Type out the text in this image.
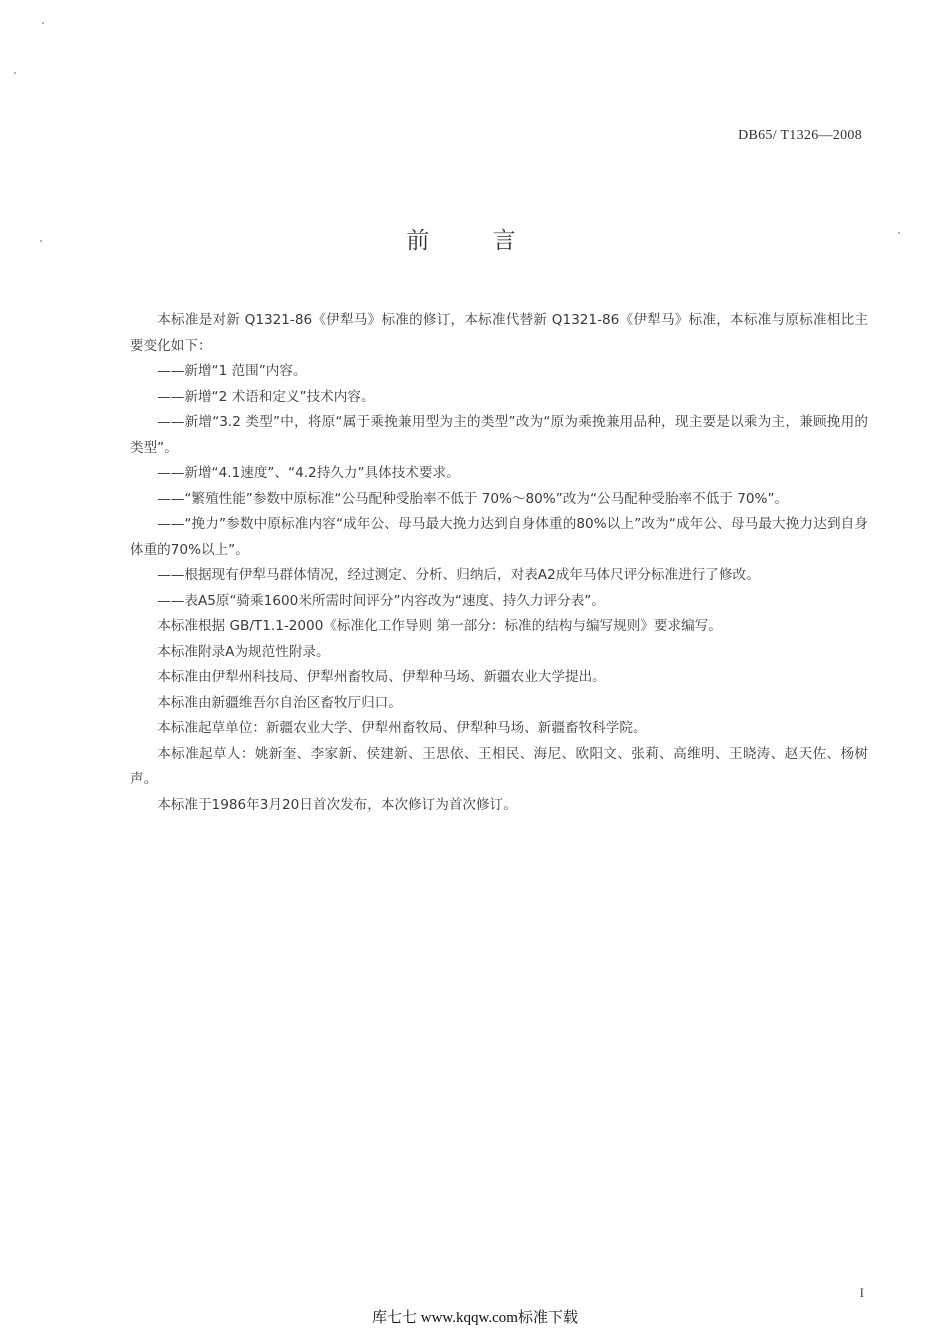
DB65/ T1326—2008
前 言

本标准是对新 Q1321-86《伊犁马》标准的修订，本标准代替新 Q1321-86《伊犁马》标准，本标准与原标准相比主要变化如下：

——新增“1 范围”内容。

——新增“2 术语和定义”技术内容。

——新增“3.2 类型”中，将原“属于乘挽兼用型为主的类型”改为“原为乘挽兼用品种，现主要是以乘为主，兼顾挽用的类型”。

——新增“4.1速度”、“4.2持久力”具体技术要求。

——“繁殖性能”参数中原标准“公马配种受胎率不低于 70%～80%”改为“公马配种受胎率不低于 70%”。

——“挽力”参数中原标准内容“成年公、母马最大挽力达到自身体重的80%以上”改为“成年公、母马最大挽力达到自身体重的70%以上”。

——根据现有伊犁马群体情况，经过测定、分析、归纳后，对表A2成年马体尺评分标准进行了修改。

——表A5原“骑乘1600米所需时间评分”内容改为“速度、持久力评分表”。

本标准根据 GB/T1.1-2000《标准化工作导则 第一部分：标准的结构与编写规则》要求编写。

本标准附录A为规范性附录。

本标准由伊犁州科技局、伊犁州畜牧局、伊犁种马场、新疆农业大学提出。

本标准由新疆维吾尔自治区畜牧厅归口。

本标准起草单位：新疆农业大学、伊犁州畜牧局、伊犁种马场、新疆畜牧科学院。

本标准起草人：姚新奎、李家新、侯建新、王思依、王相民、海尼、欧阳文、张莉、高维明、王晓涛、赵天佐、杨树声。

本标准于1986年3月20日首次发布，本次修订为首次修订。

I
库七七 www.kqqw.com标准下载
